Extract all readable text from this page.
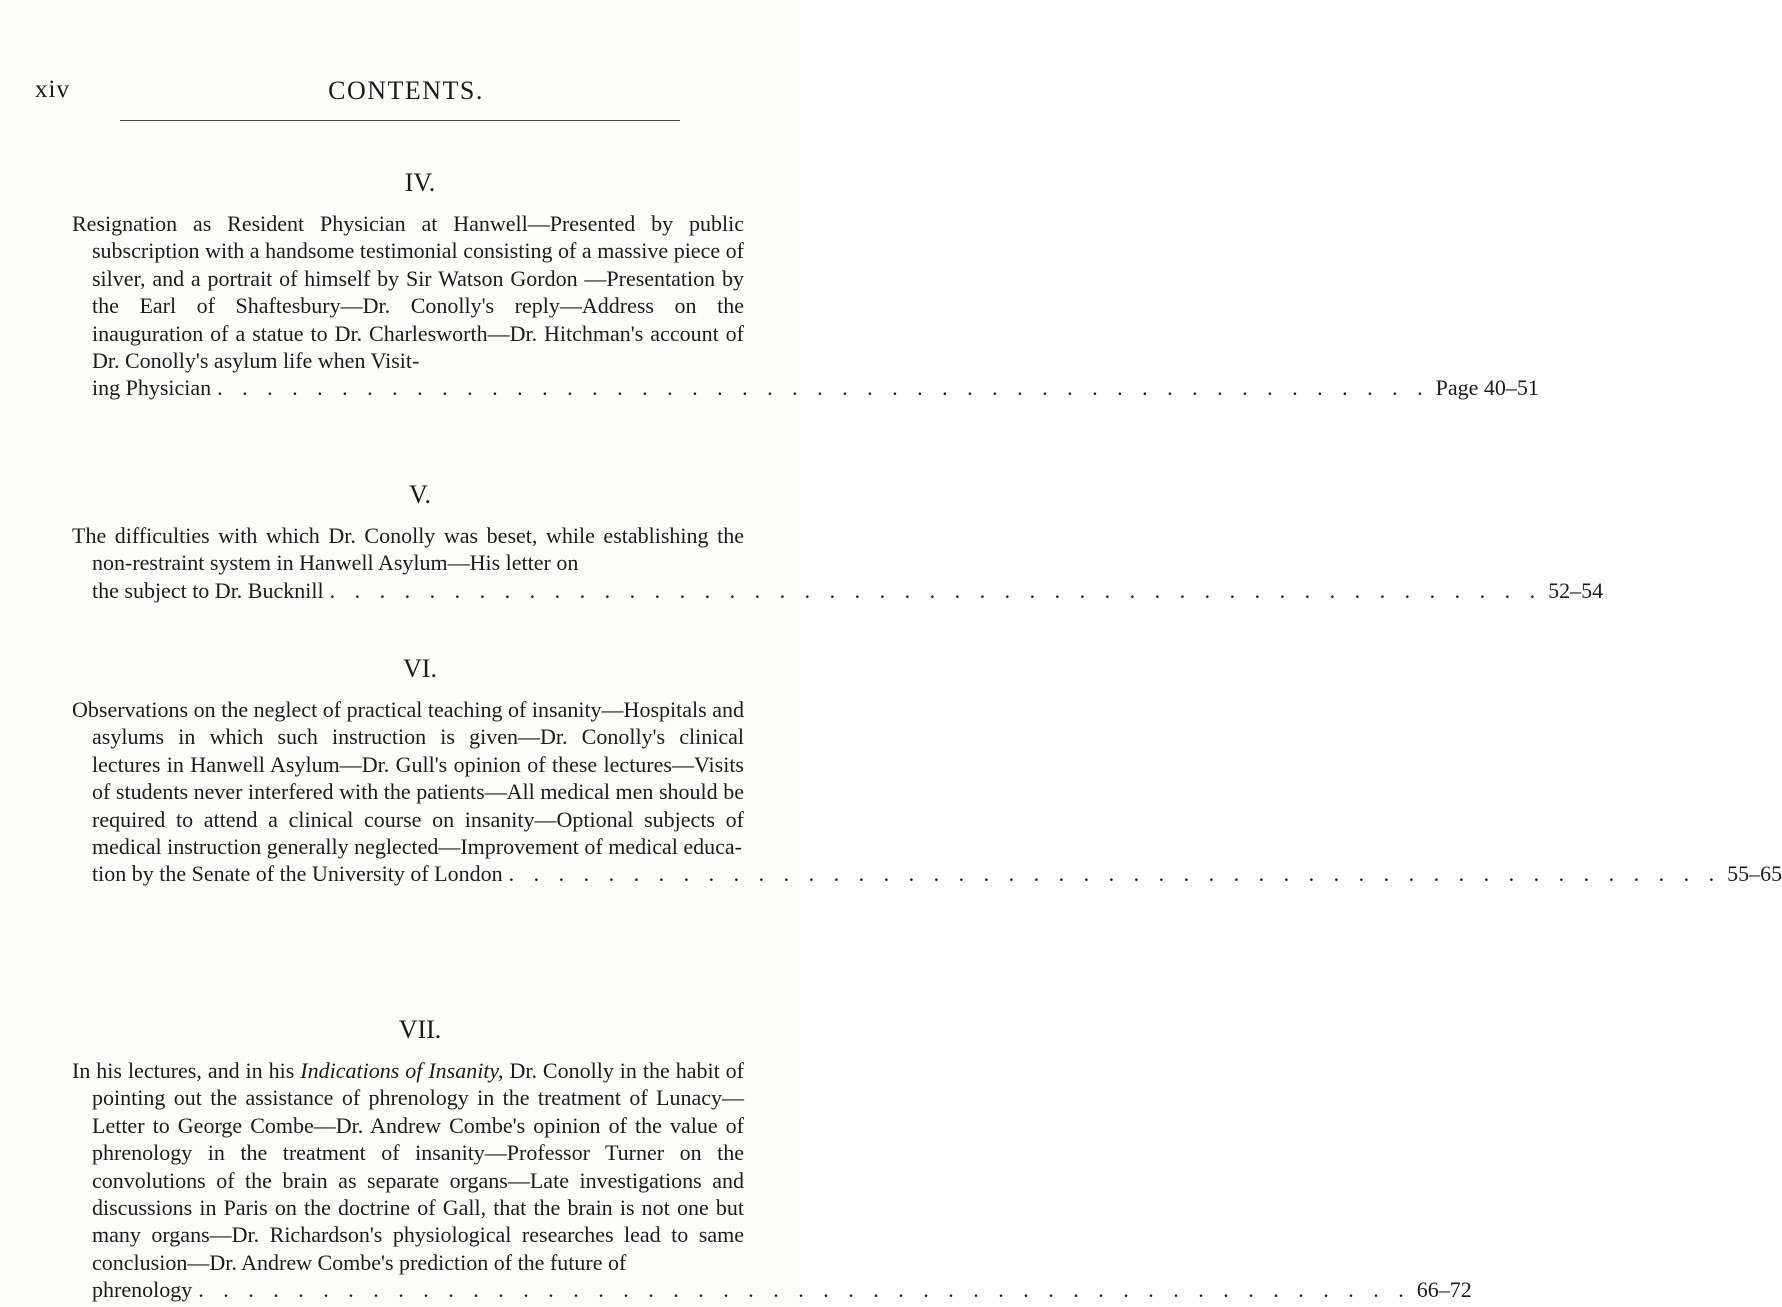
xiv	CONTENTS.
IV.
Resignation as Resident Physician at Hanwell—Presented by public subscription with a handsome testimonial consisting of a massive piece of silver, and a portrait of himself by Sir Watson Gordon —Presentation by the Earl of Shaftesbury—Dr. Conolly's reply—Address on the inauguration of a statue to Dr. Charlesworth—Dr. Hitchman's account of Dr. Conolly's asylum life when Visit-
ing Physician . . . . . . . . . . . . . . . . . . . . . . . . . . . . . . . . . . . . . . . . . . . . . . . . . Page 40–51
V.
The difficulties with which Dr. Conolly was beset, while establishing the non-restraint system in Hanwell Asylum—His letter on
the subject to Dr. Bucknill . . . . . . . . . . . . . . . . . . . . . . . . . . . . . . . . . . . . . . . . . . . . . . . . . 52–54
VI.
Observations on the neglect of practical teaching of insanity—Hospitals and asylums in which such instruction is given—Dr. Conolly's clinical lectures in Hanwell Asylum—Dr. Gull's opinion of these lectures—Visits of students never interfered with the patients—All medical men should be required to attend a clinical course on insanity—Optional subjects of medical instruction generally neglected—Improvement of medical educa-
tion by the Senate of the University of London . . . . . . . . . . . . . . . . . . . . . . . . . . . . . . . . . . . . . . . . . . . . . . . . . 55–65
VII.
In his lectures, and in his Indications of Insanity, Dr. Conolly in the habit of pointing out the assistance of phrenology in the treatment of Lunacy—Letter to George Combe—Dr. Andrew Combe's opinion of the value of phrenology in the treatment of insanity—Professor Turner on the convolutions of the brain as separate organs—Late investigations and discussions in Paris on the doctrine of Gall, that the brain is not one but many organs—Dr. Richardson's physiological researches lead to same conclusion—Dr. Andrew Combe's prediction of the future of
phrenology . . . . . . . . . . . . . . . . . . . . . . . . . . . . . . . . . . . . . . . . . . . . . . . . . 66–72
